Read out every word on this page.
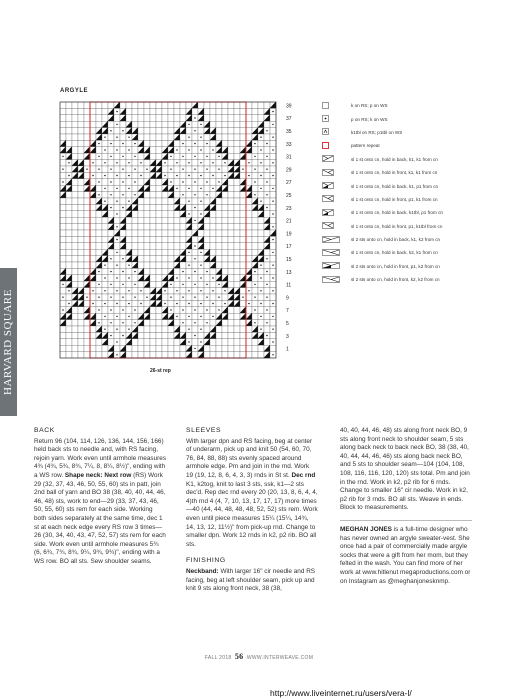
HARVARD SQUARE
ARGYLE
39
37
35
33
31
29
27
25
23
21
19
17
15
13
11
9
7
5
3
1
26-st rep
k on RS; p on WS
p on RS; k on WS
k1tbl on RS; p1tbl on WS
pattern repeat
sl 1 st onto cn, hold in back, k1, k1 from cn
sl 1 st onto cn, hold in front, k1, k1 from cn
sl 1 st onto cn, hold in back, k1, p1 from cn
sl 1 st onto cn, hold in front, p1, k1 from cn
sl 1 st onto cn, hold in back, k1tbl, p1 from cn
sl 1 st onto cn, hold in front, p1, k1tbl from cn
sl 2 sts onto cn, hold in back, k1, k2 from cn
sl 1 st onto cn, hold in back, k2, k1 from cn
sl 2 sts onto cn, hold in front, p1, k2 from cn
sl 2 sts onto cn, hold in front, k2, k2 from cn
BACK

Return 96 (104, 114, 126, 136, 144, 156, 166) held back sts to needle and, with RS facing, rejoin yarn. Work even until armhole measures 4¾ (4¾, 5¾, 8¾, 7¼, 8, 8¼, 8½)", ending with a WS row. Shape neck: Next row (RS) Work 29 (32, 37, 43, 46, 50, 55, 60) sts in patt, join 2nd ball of yarn and BO 38 (38, 40, 40, 44, 46, 46, 48) sts, work to end—29 (33, 37, 43, 46, 50, 55, 60) sts rem for each side. Working both sides separately at the same time, dec 1 st at each neck edge every RS row 3 times—26 (30, 34, 40, 43, 47, 52, 57) sts rem for each side. Work even until armhole measures 5¾ (6, 6¾, 7¾, 8¾, 9¼, 9¾, 9¾)", ending with a WS row. BO all sts. Sew shoulder seams.

SLEEVES

With larger dpn and RS facing, beg at center of underarm, pick up and knit 50 (54, 60, 70, 76, 84, 88, 88) sts evenly spaced around armhole edge. Pm and join in the rnd. Work 19 (19, 12, 8, 6, 4, 3, 3) rnds in St st. Dec rnd K1, k2tog, knit to last 3 sts, ssk, k1—2 sts dec'd. Rep dec rnd every 20 (20, 13, 8, 6, 4, 4, 4)th rnd 4 (4, 7, 10, 13, 17, 17, 17) more times—40 (44, 44, 48, 48, 48, 52, 52) sts rem. Work even until piece measures 15¼ (15¼, 14¾, 14, 13, 12, 11½)" from pick-up rnd. Change to smaller dpn. Work 12 rnds in k2, p2 rib. BO all sts.

FINISHING

Neckband: With larger 16" cir needle and RS facing, beg at left shoulder seam, pick up and knit 9 sts along front neck, 38 (38,

40, 40, 44, 46, 48) sts along front neck BO, 9 sts along front neck to shoulder seam, 5 sts along back neck to back neck BO, 38 (38, 40, 40, 44, 44, 46, 46) sts along back neck BO, and 5 sts to shoulder seam—104 (104, 108, 108, 116, 116, 120, 120) sts total. Pm and join in the rnd. Work in k2, p2 rib for 6 rnds. Change to smaller 16" cir needle. Work in k2, p2 rib for 3 rnds. BO all sts. Weave in ends. Block to measurements.

MEGHAN JONES is a full-time designer who has never owned an argyle sweater-vest. She once had a pair of commercially made argyle socks that were a gift from her mom, but they felted in the wash. You can find more of her work at www.hitlenut megaproductions.com or on Instagram as @meghanjonesknmp.

FALL 2018 56 WWW.INTERWEAVE.COM
http://www.liveinternet.ru/users/vera-l/
